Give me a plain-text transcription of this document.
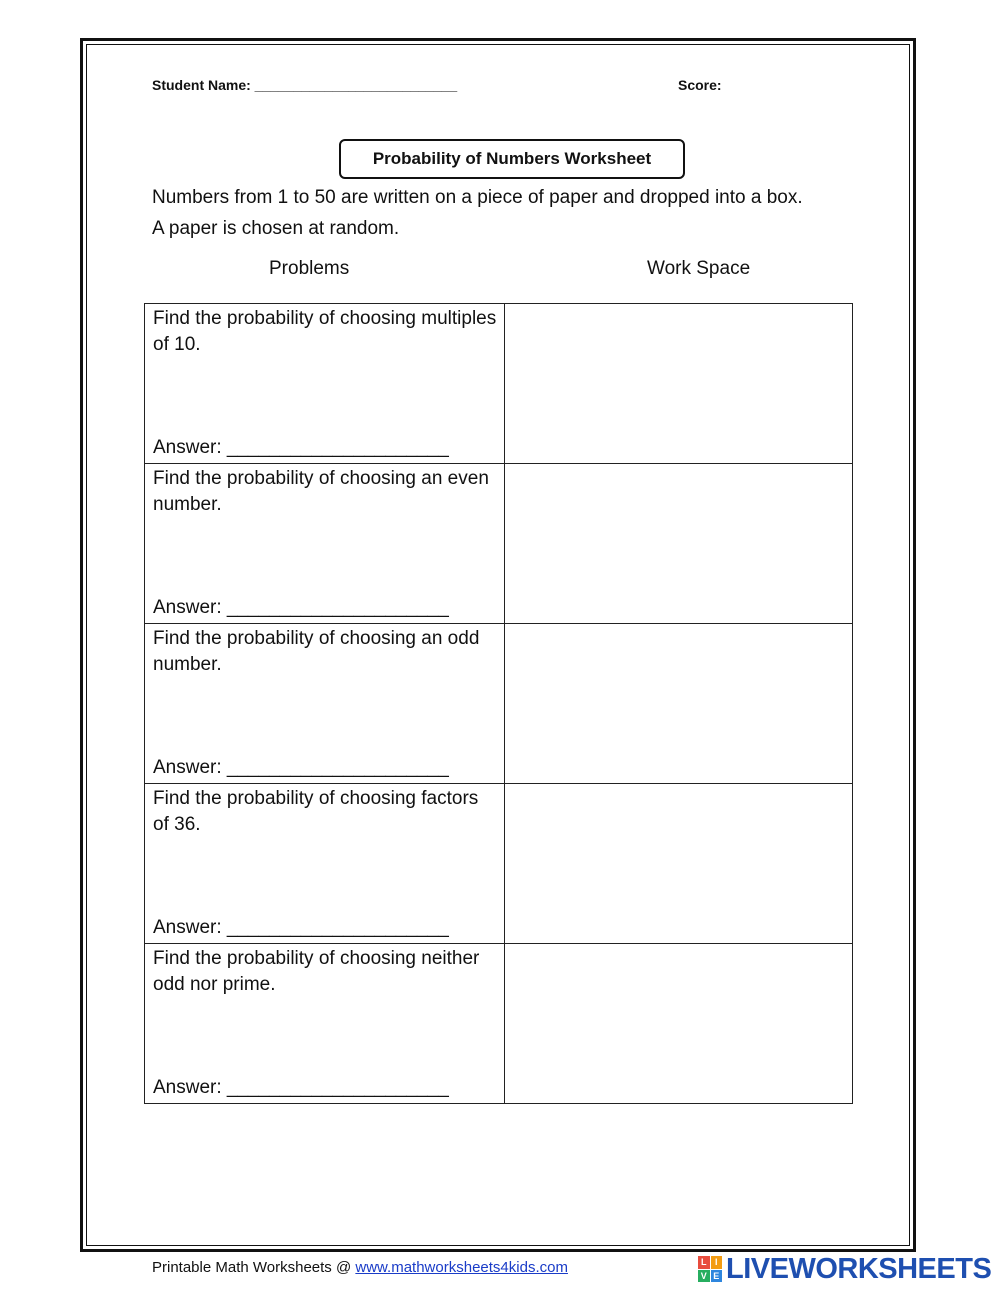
Student Name: __________________________	Score:
Probability of Numbers Worksheet
Numbers from 1 to 50 are written on a piece of paper and dropped into a box.
A paper is chosen at random.
Problems	Work Space
Find the probability of choosing multiples of 10.
Answer: _____________________	

Find the probability of choosing an even number.
Answer: _____________________	

Find the probability of choosing an odd number.
Answer: _____________________	

Find the probability of choosing factors of 36.
Answer: _____________________	

Find the probability of choosing neither odd nor prime.
Answer: _____________________	

Printable Math Worksheets @ www.mathworksheets4kids.com	L I
V E LIVEWORKSHEETS
